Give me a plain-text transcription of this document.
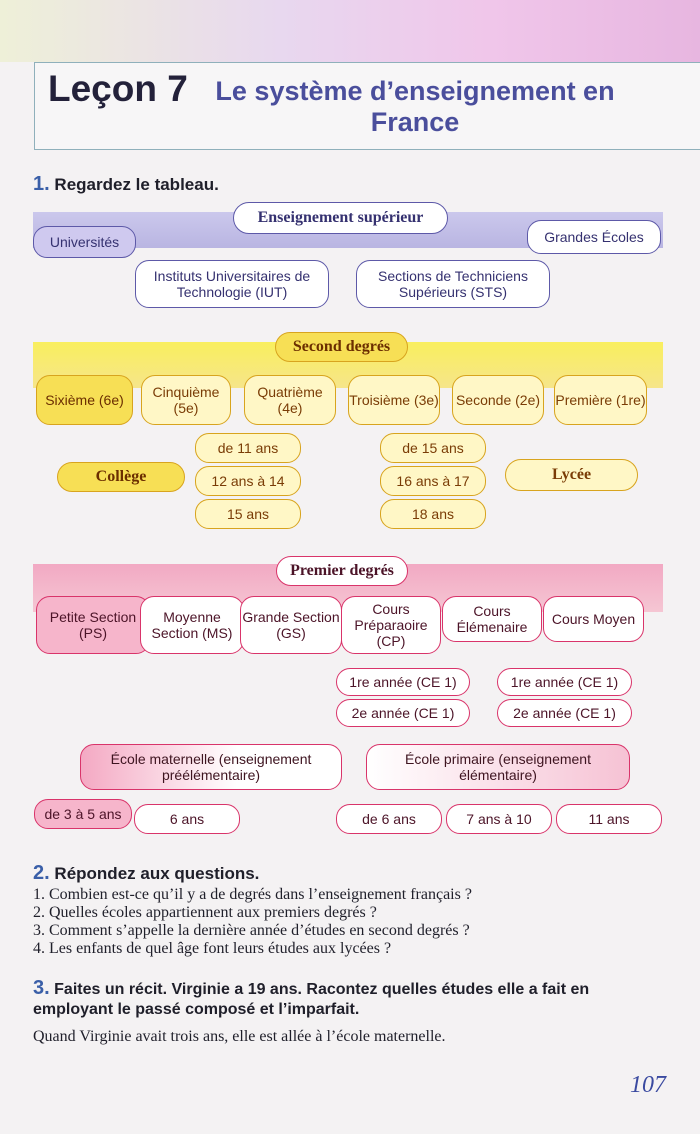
Leçon 7	Le système d’enseignement en France
1. Regardez le tableau.
Enseignement supérieur
Universités	Grandes Écoles
Instituts Universitaires de Technologie (IUT)
Sections de Techniciens Supérieurs (STS)
Second degrés
Sixième (6e)	Cinquième (5e)
Quatrième (4e)	Troisième (3e) Seconde (2e) Première (1re)
de 11 ans
Collège	12 ans à 14
15 ans
de 15 ans
16 ans à 17
18 ans
Lycée
Premier degrés
Petite Section (PS)
Moyenne Section (MS)
Grande Section (GS)
Cours Préparaoire (CP)
Cours Élémenaire	Cours Moyen
1re année (CE 1)
2e année (CE 1)
1re année (CE 1)
2e année (CE 1)
École maternelle (enseignement préélémentaire)
École primaire (enseignement élémentaire)
de 3 à 5 ans	6 ans	de 6 ans	7 ans à 10	11 ans
2. Répondez aux questions.
1. Combien est-ce qu’il y a de degrés dans l’enseignement français ?
2. Quelles écoles appartiennent aux premiers degrés ?
3. Comment s’appelle la dernière année d’études en second degrés ?
4. Les enfants de quel âge font leurs études aux lycées ?
3. Faites un récit. Virginie a 19 ans. Racontez quelles études elle a fait en employant le passé composé et l’imparfait.
Quand Virginie avait trois ans, elle est allée à l’école maternelle.
107
